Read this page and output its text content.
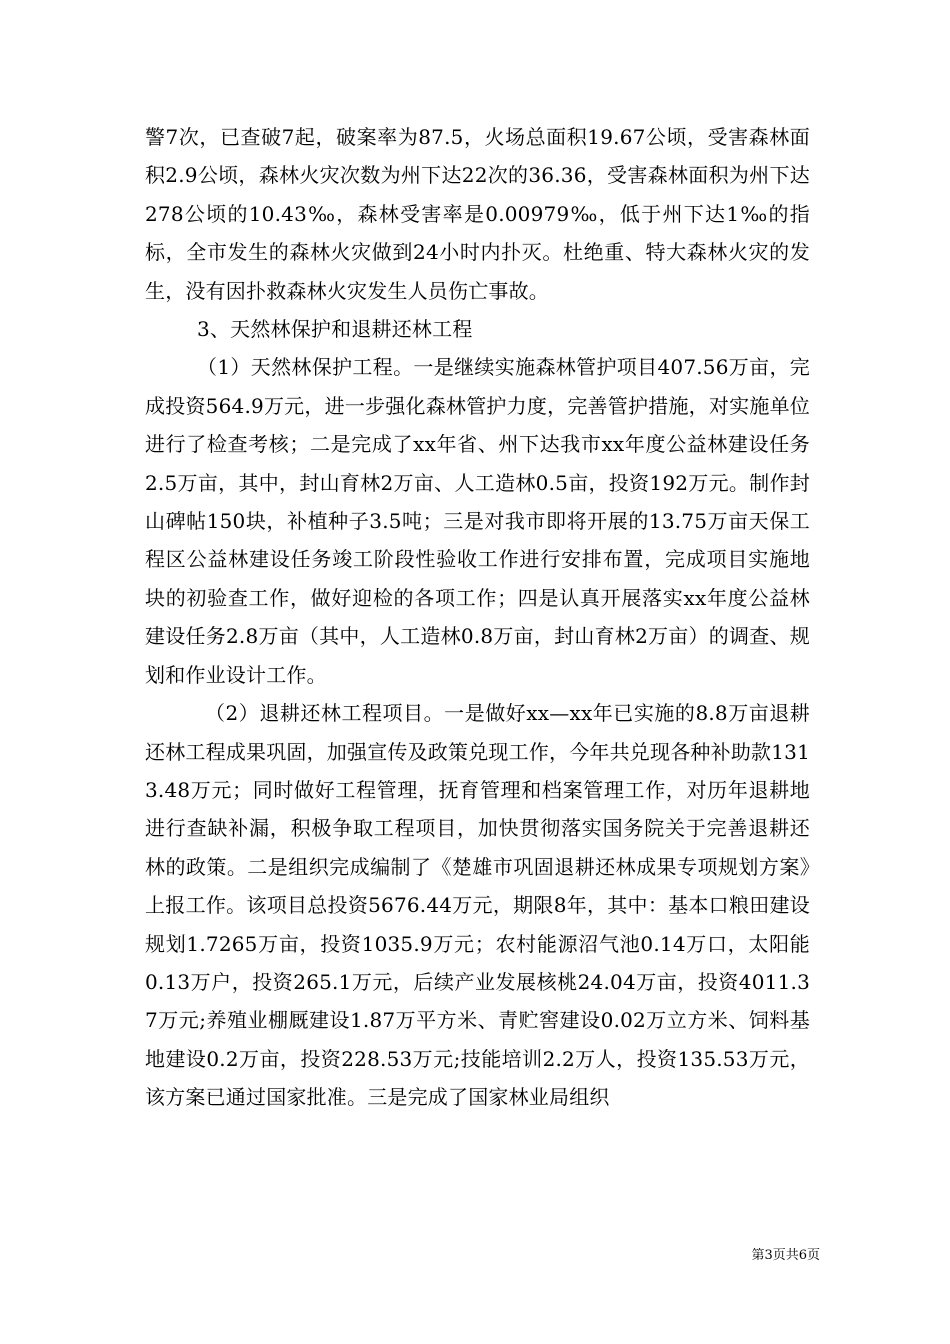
警7次，已查破7起，破案率为87.5，火场总面积19.67公顷，受害森林面积2.9公顷，森林火灾次数为州下达22次的36.36，受害森林面积为州下达278公顷的10.43‰，森林受害率是0.00979‰，低于州下达1‰的指标，全市发生的森林火灾做到24小时内扑灭。杜绝重、特大森林火灾的发生，没有因扑救森林火灾发生人员伤亡事故。

3、天然林保护和退耕还林工程

（1）天然林保护工程。一是继续实施森林管护项目407.56万亩，完成投资564.9万元，进一步强化森林管护力度，完善管护措施，对实施单位进行了检查考核；二是完成了xx年省、州下达我市xx年度公益林建设任务2.5万亩，其中，封山育林2万亩、人工造林0.5亩，投资192万元。制作封山碑帖150块，补植种子3.5吨；三是对我市即将开展的13.75万亩天保工程区公益林建设任务竣工阶段性验收工作进行安排布置，完成项目实施地块的初验查工作，做好迎检的各项工作；四是认真开展落实xx年度公益林建设任务2.8万亩（其中，人工造林0.8万亩，封山育林2万亩）的调查、规划和作业设计工作。

（2）退耕还林工程项目。一是做好xx—xx年已实施的8.8万亩退耕还林工程成果巩固，加强宣传及政策兑现工作，今年共兑现各种补助款1313.48万元；同时做好工程管理，抚育管理和档案管理工作，对历年退耕地进行查缺补漏，积极争取工程项目，加快贯彻落实国务院关于完善退耕还林的政策。二是组织完成编制了《楚雄市巩固退耕还林成果专项规划方案》上报工作。该项目总投资5676.44万元，期限8年，其中：基本口粮田建设规划1.7265万亩，投资1035.9万元；农村能源沼气池0.14万口，太阳能0.13万户，投资265.1万元，后续产业发展核桃24.04万亩，投资4011.37万元;养殖业棚厩建设1.87万平方米、青贮窖建设0.02万立方米、饲料基地建设0.2万亩，投资228.53万元;技能培训2.2万人，投资135.53万元，该方案已通过国家批准。三是完成了国家林业局组织

第3页共6页
